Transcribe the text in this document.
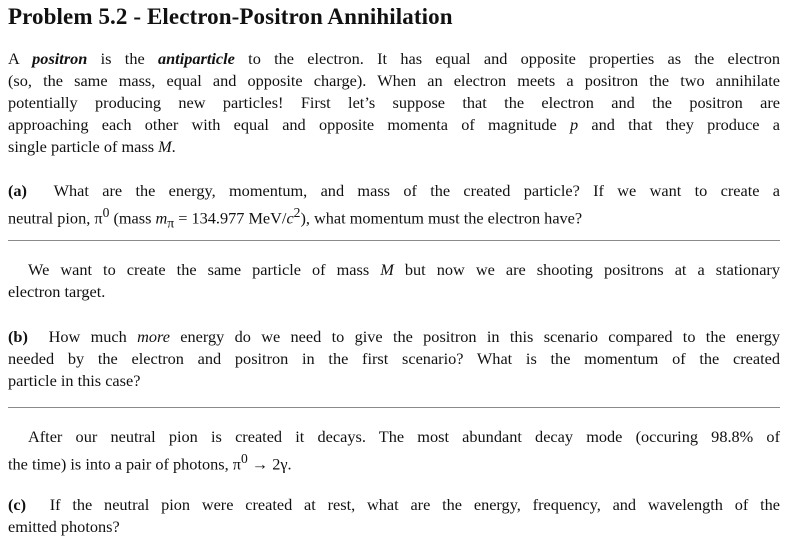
Problem 5.2 - Electron-Positron Annihilation

A positron is the antiparticle to the electron. It has equal and opposite properties as the electron
(so, the same mass, equal and opposite charge). When an electron meets a positron the two annihilate
potentially producing new particles! First let’s suppose that the electron and the positron are
approaching each other with equal and opposite momenta of magnitude p and that they produce a
single particle of mass M.

(a) What are the energy, momentum, and mass of the created particle? If we want to create a
neutral pion, $\pi^0$ (mass $m_\pi = 134.977$ MeV/$c^2$), what momentum must the electron have?

We want to create the same particle of mass M but now we are shooting positrons at a stationary
electron target.

(b) How much more energy do we need to give the positron in this scenario compared to the energy
needed by the electron and positron in the first scenario? What is the momentum of the created
particle in this case?

After our neutral pion is created it decays. The most abundant decay mode (occuring 98.8% of
the time) is into a pair of photons, $\pi^0 \to 2\gamma$.

(c) If the neutral pion were created at rest, what are the energy, frequency, and wavelength of the
emitted photons?
